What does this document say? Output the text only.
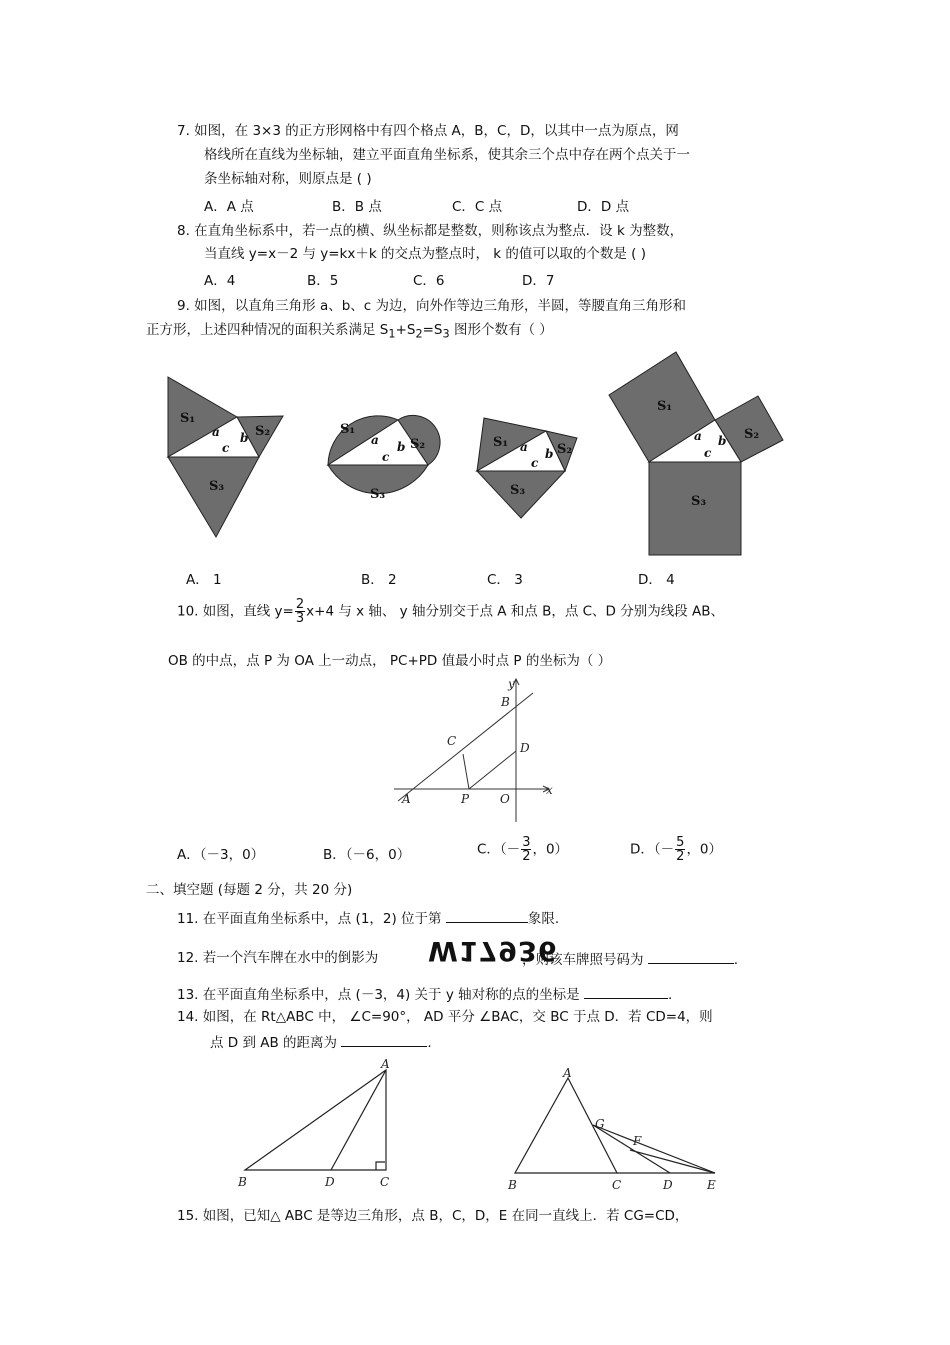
7. 如图，在 3×3 的正方形网格中有四个格点 A，B，C，D，以其中一点为原点，网
格线所在直线为坐标轴，建立平面直角坐标系，使其余三个点中存在两个点关于一
条坐标轴对称，则原点是 ( )
A．A 点	B．B 点	C．C 点	D．D 点
8. 在直角坐标系中，若一点的横、纵坐标都是整数，则称该点为整点．设 k 为整数，
当直线 y=x－2 与 y=kx＋k 的交点为整点时， k 的值可以取的个数是 ( )
A．4	B．5	C．6	D．7
9. 如图，以直角三角形 a、b、c 为边，向外作等边三角形，半圆，等腰直角三角形和
正方形，上述四种情况的面积关系满足 $S_1+S_2=S_3$ 图形个数有（ ）
S₁
S₂
S₃
S₁
S₂
S₃
S₁	S₂
S₃
S₁
S₂
S₃
a b
c
a b
c
a b
c
a b
c
A． 1	B． 2	C． 3	D． 4
10. 如图，直线 $y= \frac{2}{3} x+4$ 与 x 轴、 y 轴分别交于点 A 和点 B，点 C、D 分别为线段 AB、
OB 的中点，点 P 为 OA 上一动点， PC+PD 值最小时点 P 的坐标为（ ）
y
x
B
C	D
A	P	O
A．（－3，0）	B．（－6，0）	C．（－ $\frac{3}{2}$ ，0）	D．（－ $\frac{5}{2}$ ，0）
二、填空题 (每题 2 分，共 20 分)
11. 在平面直角坐标系中，点 (1，2) 位于第	象限.
12. 若一个汽车牌在水中的倒影为 W17936
，则该车牌照号码为	.
13. 在平面直角坐标系中，点 (－3，4) 关于 y 轴对称的点的坐标是	.
14. 如图，在 Rt△ABC 中， ∠C=90°， AD 平分 ∠BAC，交 BC 于点 D．若 CD=4，则
点 D 到 AB 的距离为	.
A
B	D	C
A
G
F
B	C	D	E
15. 如图，已知△ ABC 是等边三角形，点 B，C，D，E 在同一直线上．若 CG=CD，
